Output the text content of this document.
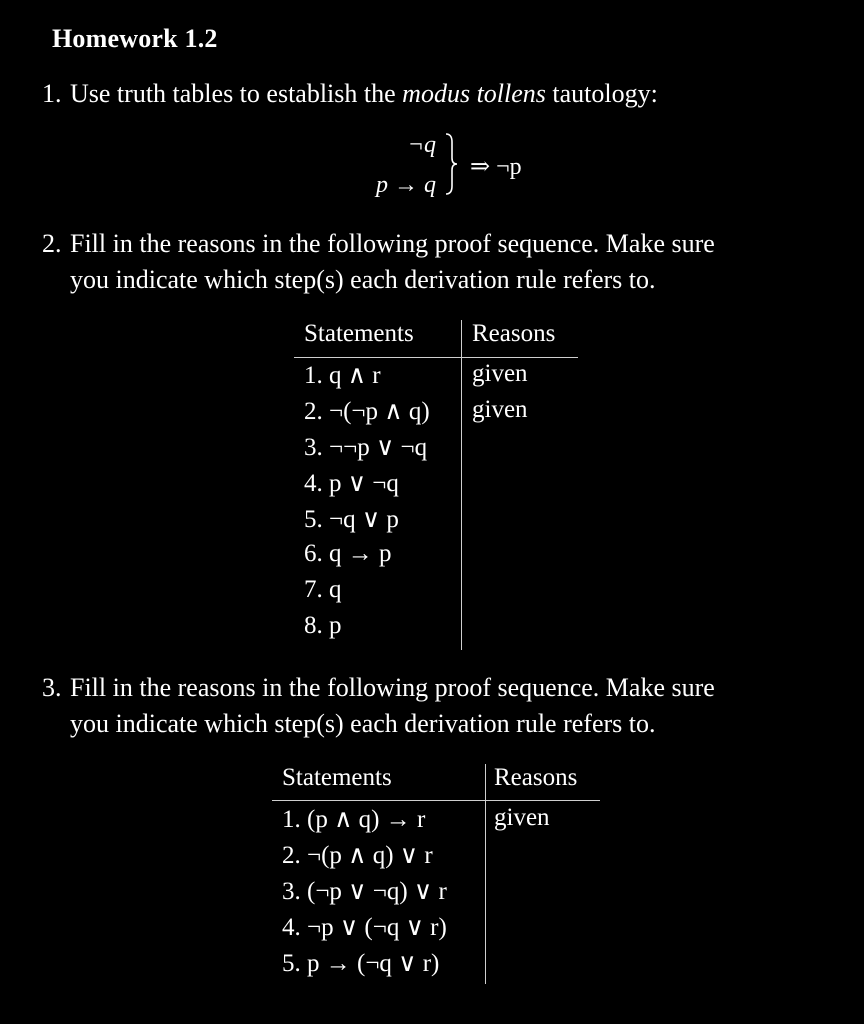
Homework 1.2
1. Use truth tables to establish the modus tollens tautology:
¬q
p → q
⇒ ¬p
2. Fill in the reasons in the following proof sequence. Make sure
you indicate which step(s) each derivation rule refers to.
Statements Reasons
1. q ∧ r	given
2. ¬(¬p ∧ q) given
3. ¬¬p ∨ ¬q
4. p ∨ ¬q
5. ¬q ∨ p
6. q → p
7. q
8. p
3. Fill in the reasons in the following proof sequence. Make sure
you indicate which step(s) each derivation rule refers to.
Statements	Reasons
1. (p ∧ q) → r	given
2. ¬(p ∧ q) ∨ r
3. (¬p ∨ ¬q) ∨ r
4. ¬p ∨ (¬q ∨ r)
5. p → (¬q ∨ r)
